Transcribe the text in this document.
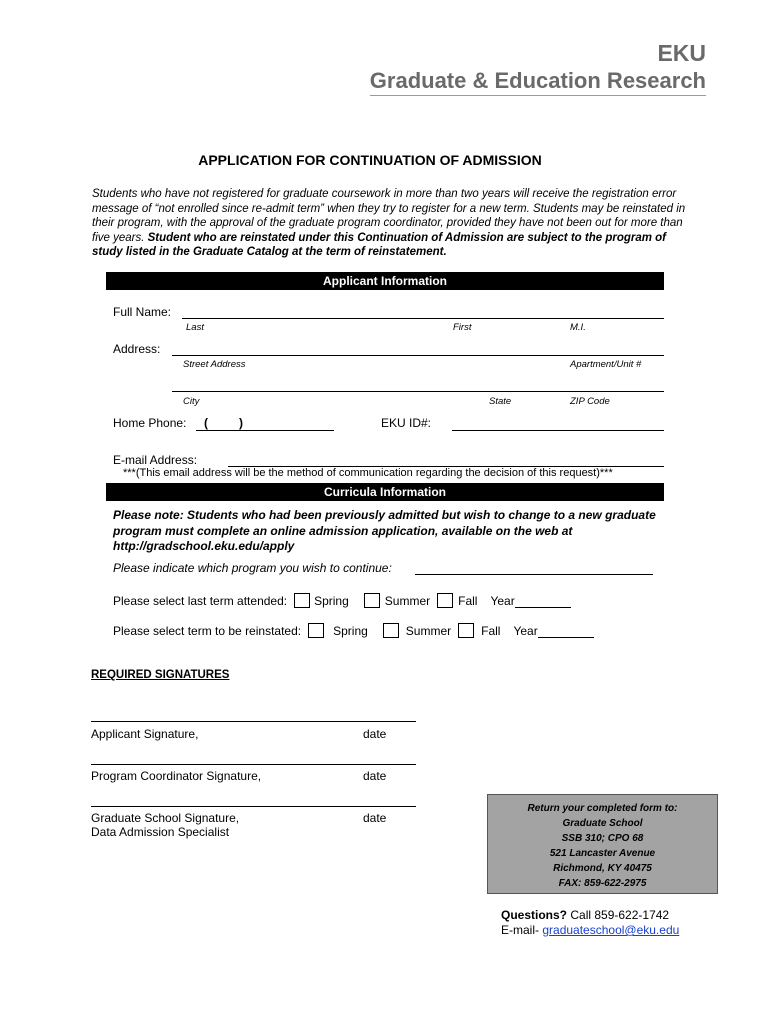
EKU
Graduate & Education Research
APPLICATION FOR CONTINUATION OF ADMISSION
Students who have not registered for graduate coursework in more than two years will receive the registration error message of “not enrolled since re-admit term” when they try to register for a new term. Students may be reinstated in their program, with the approval of the graduate program coordinator, provided they have not been out for more than five years. Student who are reinstated under this Continuation of Admission are subject to the program of study listed in the Graduate Catalog at the term of reinstatement.
Applicant Information
Full Name:
Last	First	M.I.
Address:
Street Address	Apartment/Unit #
City	State	ZIP Code
Home Phone: (	)	EKU ID#:
E-mail Address:
***(This email address will be the method of communication regarding the decision of this request)***
Curricula Information
Please note: Students who had been previously admitted but wish to change to a new graduate program must complete an online admission application, available on the web at http://gradschool.eku.edu/apply
Please indicate which program you wish to continue:
Please select last term attended: Spring	Summer Fall Year
Please select term to be reinstated:	Spring	Summer	Fall Year
REQUIRED SIGNATURES
Applicant Signature,	date
Program Coordinator Signature,	date
Graduate School Signature,	date
Data Admission Specialist
Return your completed form to:
Graduate School
SSB 310; CPO 68
521 Lancaster Avenue
Richmond, KY 40475
FAX: 859-622-2975
Questions? Call 859-622-1742
E-mail- graduateschool@eku.edu
